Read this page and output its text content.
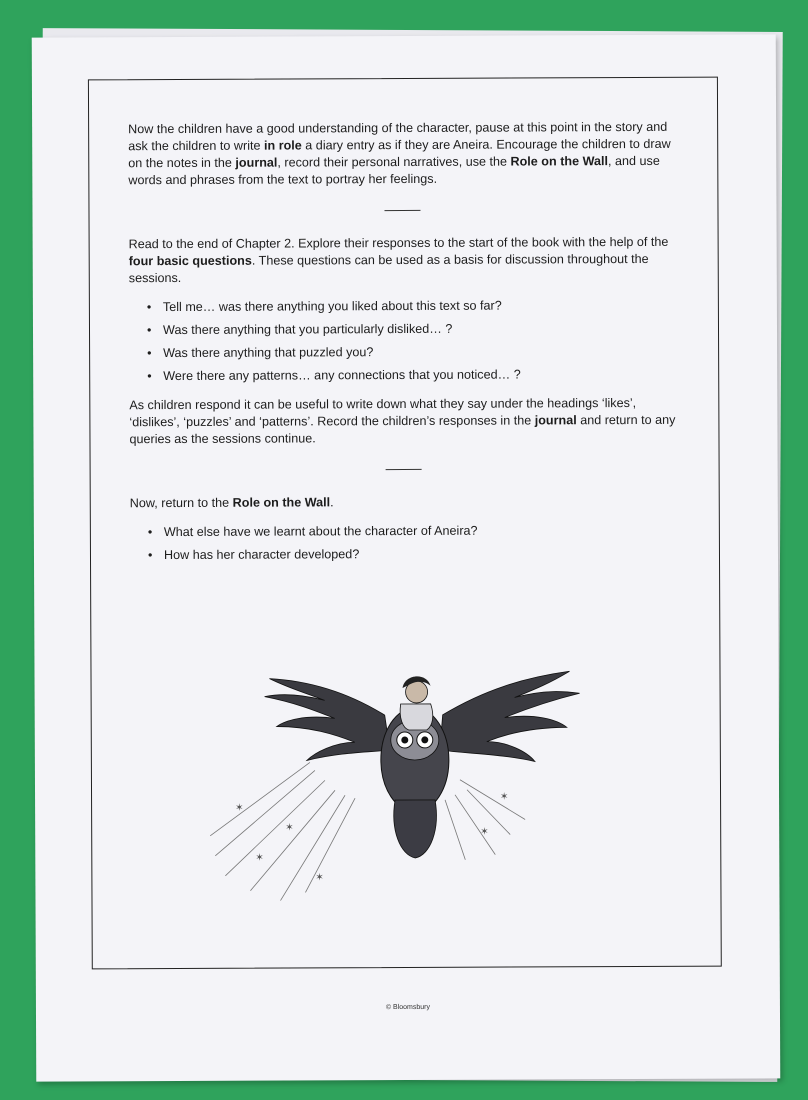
Now the children have a good understanding of the character, pause at this point in the story and ask the children to write in role a diary entry as if they are Aneira. Encourage the children to draw on the notes in the journal, record their personal narratives, use the Role on the Wall, and use words and phrases from the text to portray her feelings.

Read to the end of Chapter 2. Explore their responses to the start of the book with the help of the four basic questions. These questions can be used as a basis for discussion throughout the sessions.

• Tell me… was there anything you liked about this text so far?
• Was there anything that you particularly disliked… ?
• Was there anything that puzzled you?
• Were there any patterns… any connections that you noticed… ?

As children respond it can be useful to write down what they say under the headings ‘likes’, ‘dislikes’, ‘puzzles’ and ‘patterns’. Record the children’s responses in the journal and return to any queries as the sessions continue.

Now, return to the Role on the Wall.

• What else have we learnt about the character of Aneira?
• How has her character developed?
✶
✶
✶
✶
✶
✶
© Bloomsbury
